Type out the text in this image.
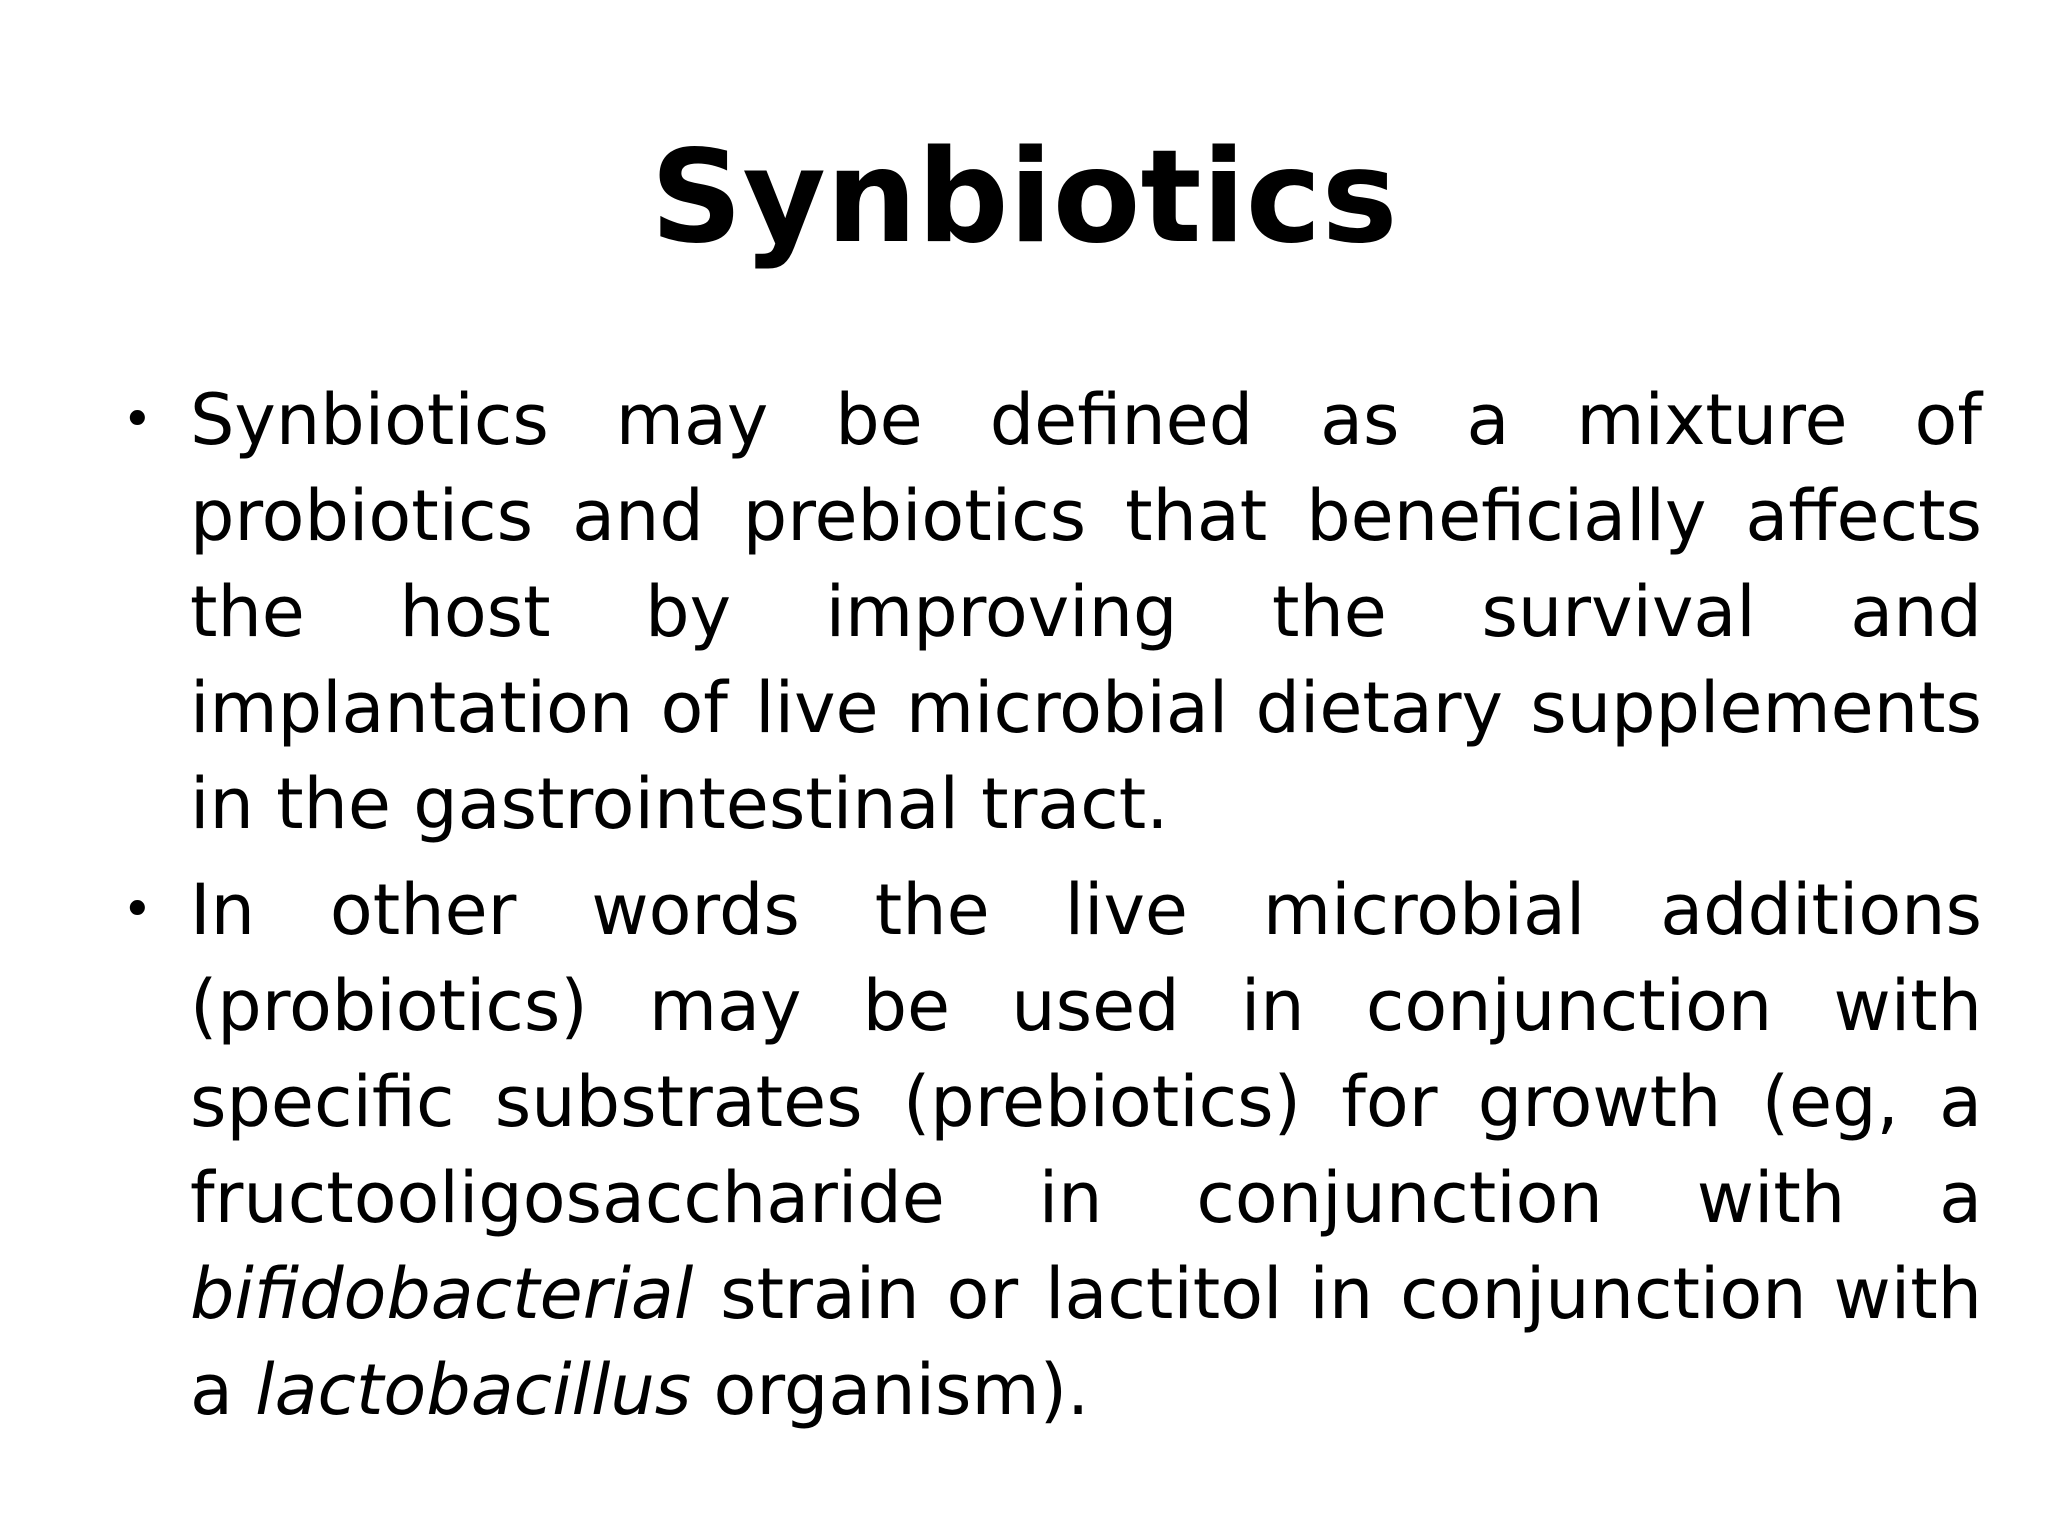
Synbiotics
• Synbiotics may be defined as a mixture of probiotics and prebiotics that beneficially affects the host by improving the survival and implantation of live microbial dietary supplements in the gastrointestinal tract.

• In other words the live microbial additions (probiotics) may be used in conjunction with specific substrates (prebiotics) for growth (eg, a fructooligosaccharide in conjunction with a bifidobacterial strain or lactitol in conjunction with a lactobacillus organism).
